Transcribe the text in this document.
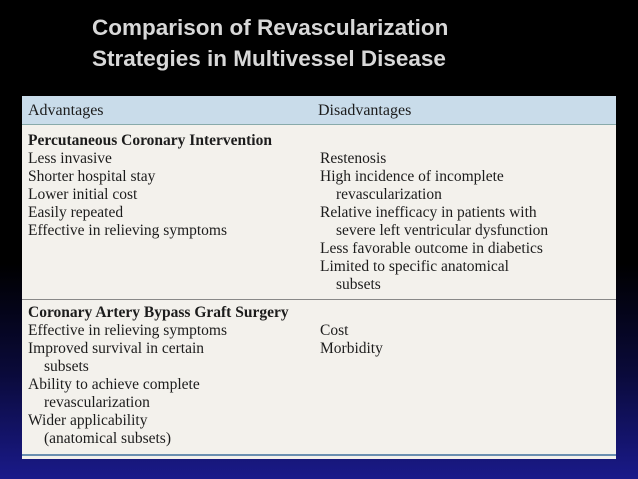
Comparison of Revascularization
Strategies in Multivessel Disease
Advantages	Disadvantages
Percutaneous Coronary Intervention
Less invasive
Shorter hospital stay
Lower initial cost
Easily repeated
Effective in relieving symptoms
Restenosis
High incidence of incomplete
revascularization
Relative inefficacy in patients with
severe left ventricular dysfunction
Less favorable outcome in diabetics
Limited to specific anatomical
subsets
Coronary Artery Bypass Graft Surgery
Effective in relieving symptoms
Improved survival in certain
subsets
Ability to achieve complete
revascularization
Wider applicability
(anatomical subsets)
Cost
Morbidity
